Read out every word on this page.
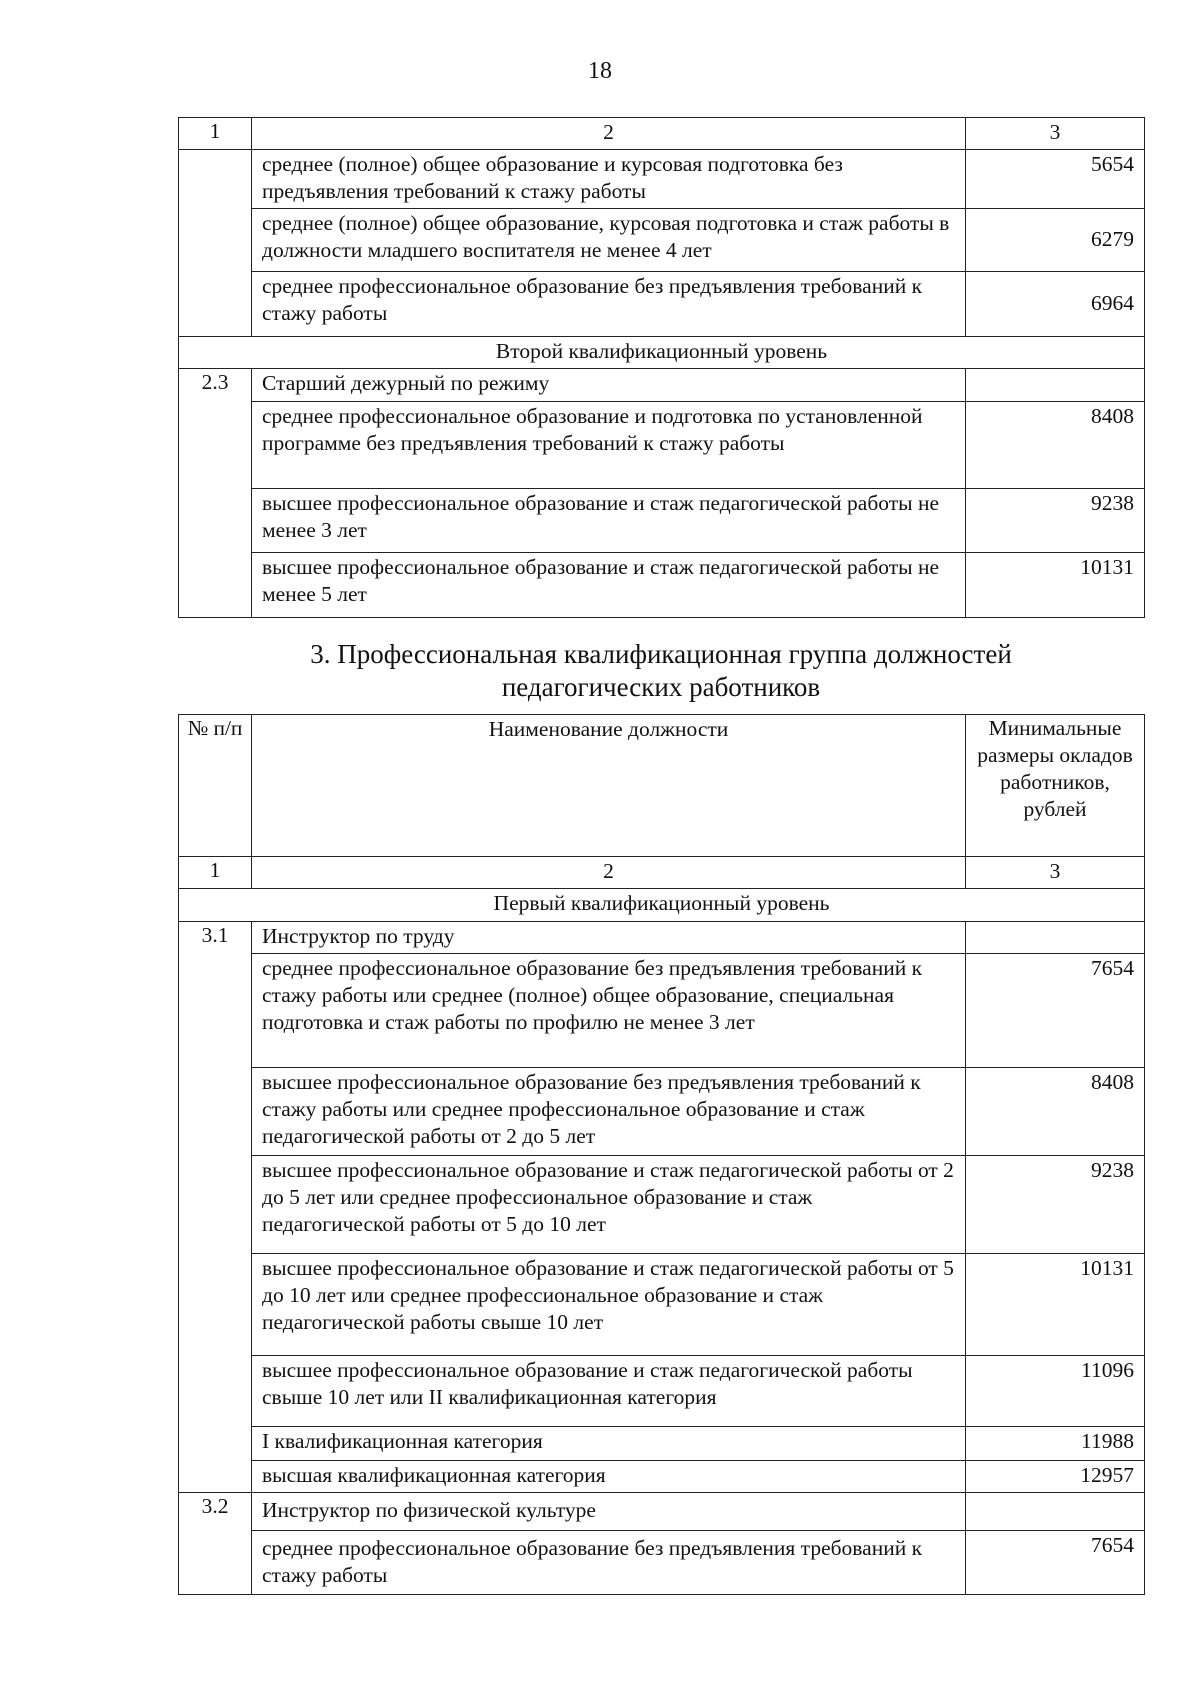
18
1	2	3
	среднее (полное) общее образование и курсовая подготовка без предъявления требований к стажу работы	5654
	среднее (полное) общее образование, курсовая подготовка и стаж работы в должности младшего воспитателя не менее 4 лет	6279
	среднее профессиональное образование без предъявления требований к стажу работы	6964
Второй квалификационный уровень		
2.3	Старший дежурный по режиму	
	среднее профессиональное образование и подготовка по установленной программе без предъявления требований к стажу работы	8408
	высшее профессиональное образование и стаж педагогической работы не менее 3 лет	9238
	высшее профессиональное образование и стаж педагогической работы не менее 5 лет	10131
3. Профессиональная квалификационная группа должностей
педагогических работников
№ п/п	Наименование должности	Минимальные размеры окладов работников, рублей
1	2	3
Первый квалификационный уровень		
3.1	Инструктор по труду	
	среднее профессиональное образование без предъявления требований к стажу работы или среднее (полное) общее образование, специальная подготовка и стаж работы по профилю не менее 3 лет	7654
	высшее профессиональное образование без предъявления требований к стажу работы или среднее профессиональное образование и стаж педагогической работы от 2 до 5 лет	8408
	высшее профессиональное образование и стаж педагогической работы от 2 до 5 лет или среднее профессиональное образование и стаж педагогической работы от 5 до 10 лет	9238
	высшее профессиональное образование и стаж педагогической работы от 5 до 10 лет или среднее профессиональное образование и стаж педагогической работы свыше 10 лет	10131
	высшее профессиональное образование и стаж педагогической работы свыше 10 лет или II квалификационная категория	11096
	I квалификационная категория	11988
	высшая квалификационная категория	12957
3.2	Инструктор по физической культуре	
	среднее профессиональное образование без предъявления требований к стажу работы	7654
